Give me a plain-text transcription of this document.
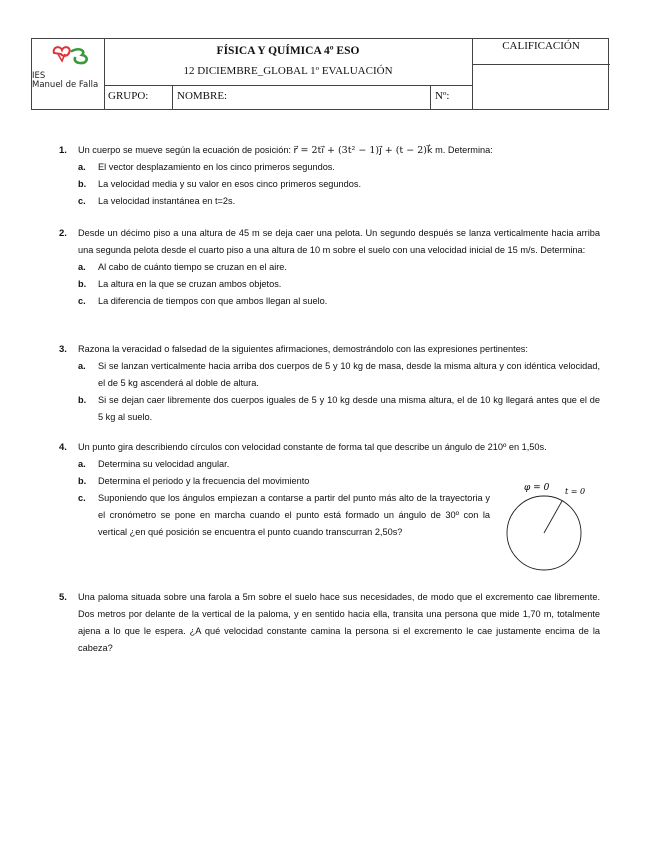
IES
Manuel de Falla
FÍSICA Y QUÍMICA 4º ESO
12 DICIEMBRE_GLOBAL 1º EVALUACIÓN
GRUPO:	NOMBRE:	Nº:
CALIFICACIÓN
1. Un cuerpo se mueve según la ecuación de posición: r⃗ = 2ti⃗ + (3t² − 1)j⃗ + (t − 2)k⃗ m. Determina:
a. El vector desplazamiento en los cinco primeros segundos.
b. La velocidad media y su valor en esos cinco primeros segundos.
c. La velocidad instantánea en t=2s.
2. Desde un décimo piso a una altura de 45 m se deja caer una pelota. Un segundo después se lanza verticalmente hacia arriba una segunda pelota desde el cuarto piso a una altura de 10 m sobre el suelo con una velocidad inicial de 15 m/s. Determina:
a. Al cabo de cuánto tiempo se cruzan en el aire.
b. La altura en la que se cruzan ambos objetos.
c. La diferencia de tiempos con que ambos llegan al suelo.
3. Razona la veracidad o falsedad de la siguientes afirmaciones, demostrándolo con las expresiones pertinentes:
a. Si se lanzan verticalmente hacia arriba dos cuerpos de 5 y 10 kg de masa, desde la misma altura y con idéntica velocidad, el de 5 kg ascenderá al doble de altura.
b. Si se dejan caer libremente dos cuerpos iguales de 5 y 10 kg desde una misma altura, el de 10 kg llegará antes que el de 5 kg al suelo.
4. Un punto gira describiendo círculos con velocidad constante de forma tal que describe un ángulo de 210º en 1,50s.
a. Determina su velocidad angular.
b. Determina el periodo y la frecuencia del movimiento
c. Suponiendo que los ángulos empiezan a contarse a partir del punto más alto de la trayectoria y el cronómetro se pone en marcha cuando el punto está formado un ángulo de 30º con la vertical ¿en qué posición se encuentra el punto cuando transcurran 2,50s?
φ = 0 t = 0
5. Una paloma situada sobre una farola a 5m sobre el suelo hace sus necesidades, de modo que el excremento cae libremente. Dos metros por delante de la vertical de la paloma, y en sentido hacia ella, transita una persona que mide 1,70 m, totalmente ajena a lo que le espera. ¿A qué velocidad constante camina la persona si el excremento le cae justamente encima de la cabeza?
